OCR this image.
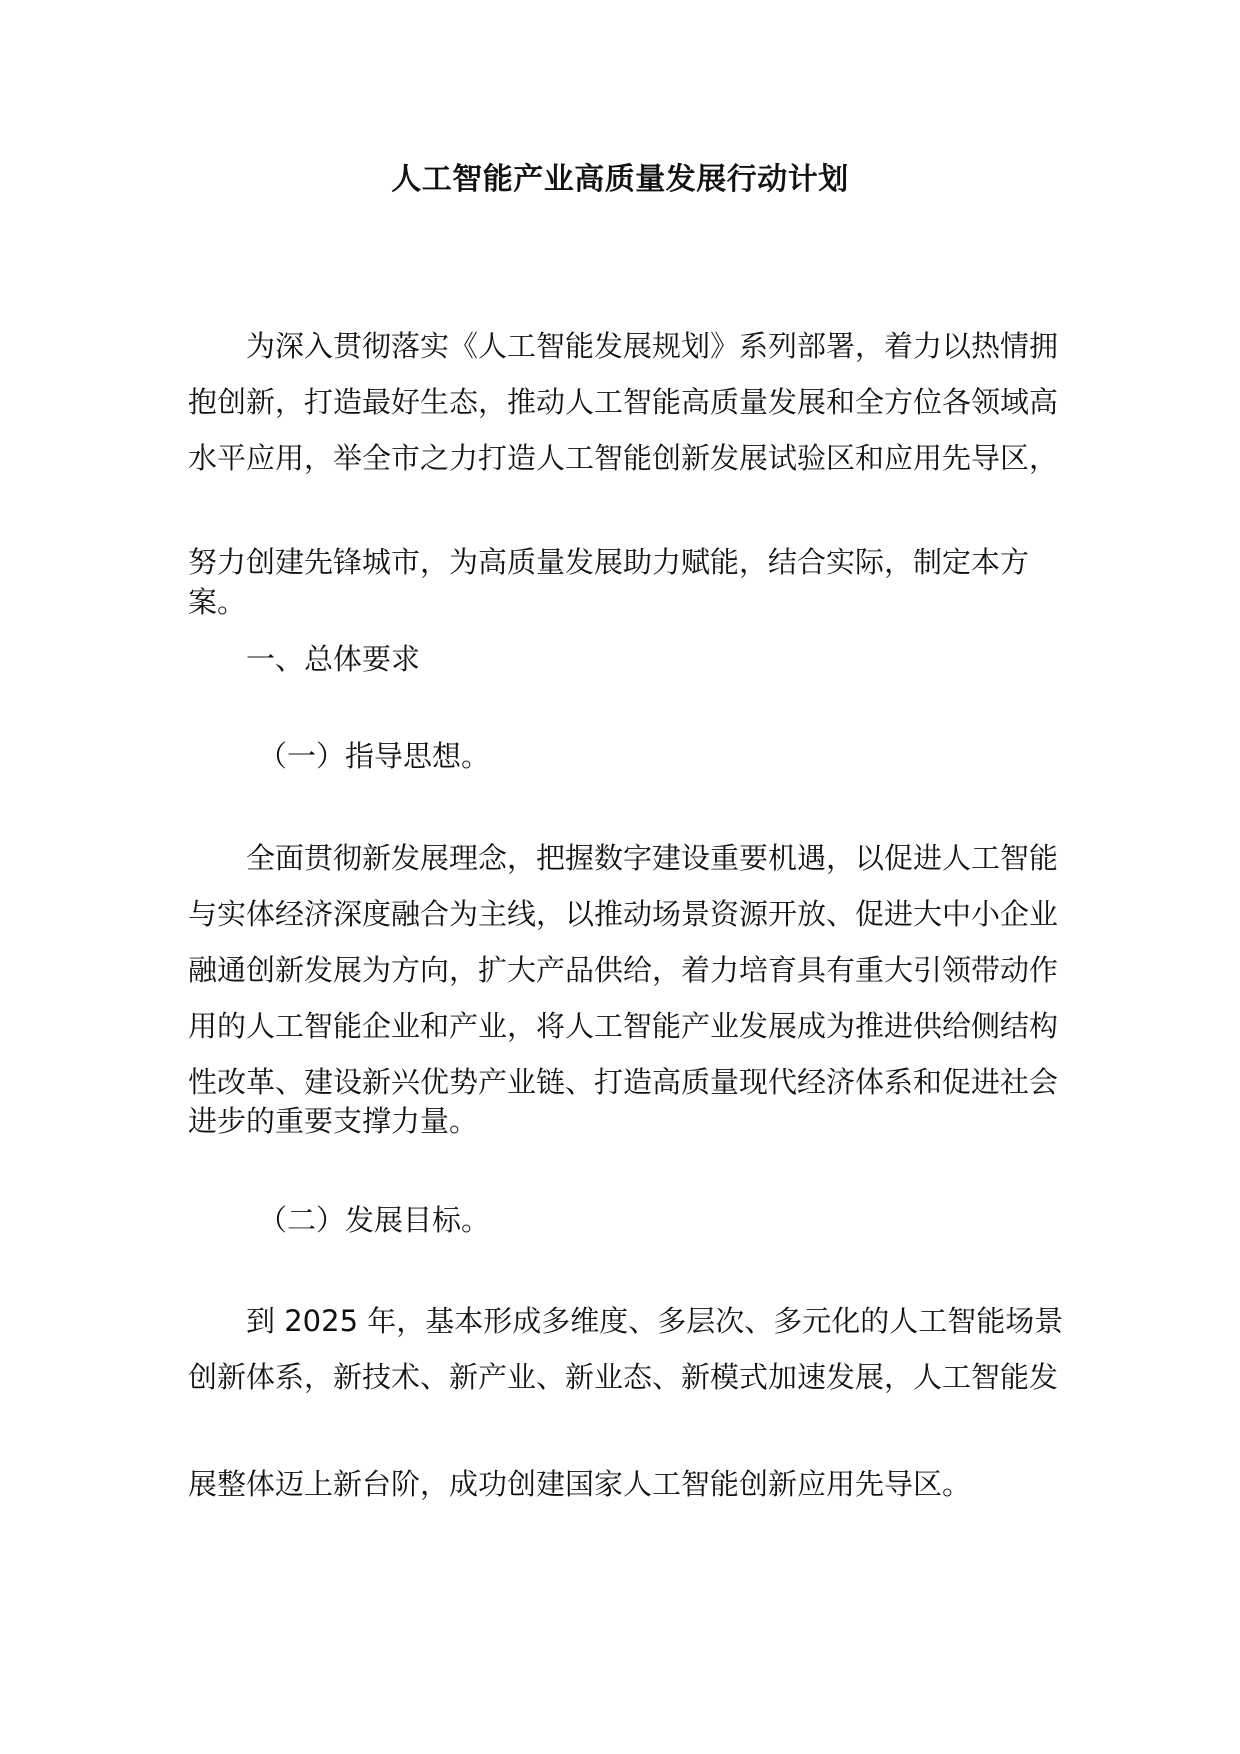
人工智能产业高质量发展行动计划

为深入贯彻落实《人工智能发展规划》系列部署，着力以热情拥抱创新，打造最好生态，推动人工智能高质量发展和全方位各领域高水平应用，举全市之力打造人工智能创新发展试验区和应用先导区，

努力创建先锋城市，为高质量发展助力赋能，结合实际，制定本方案。

一、总体要求

（一）指导思想。

全面贯彻新发展理念，把握数字建设重要机遇，以促进人工智能与实体经济深度融合为主线，以推动场景资源开放、促进大中小企业融通创新发展为方向，扩大产品供给，着力培育具有重大引领带动作用的人工智能企业和产业，将人工智能产业发展成为推进供给侧结构性改革、建设新兴优势产业链、打造高质量现代经济体系和促进社会

进步的重要支撑力量。

（二）发展目标。

到 2025 年，基本形成多维度、多层次、多元化的人工智能场景 创新体系，新技术、新产业、新业态、新模式加速发展，人工智能发

展整体迈上新台阶，成功创建国家人工智能创新应用先导区。
